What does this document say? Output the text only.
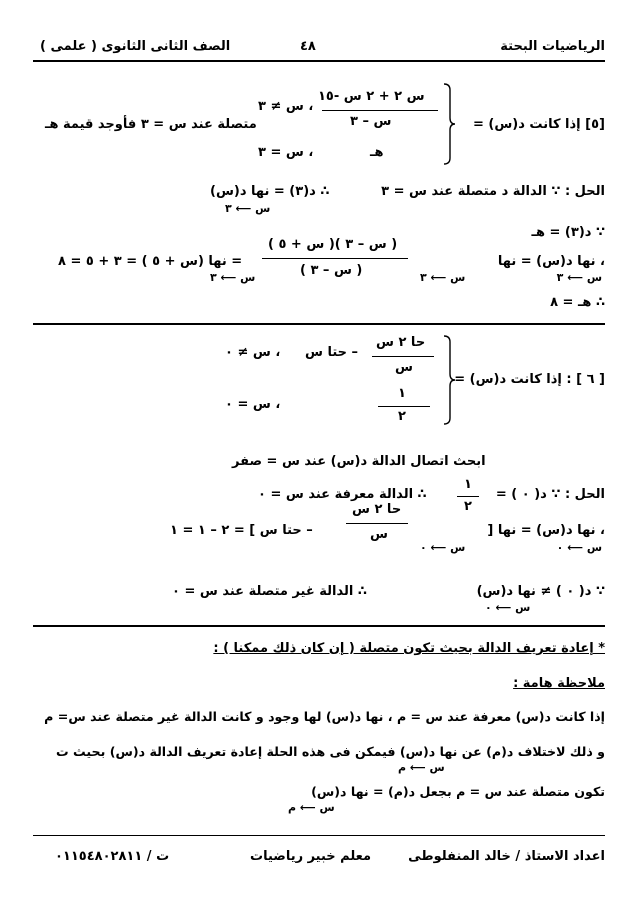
الرياضيات البحتة
٤٨
الصف الثانى الثانوى ( علمى )
[٥] إذا كانت د(س) =
س ٢ + ٢ س -١٥
س – ٣
، س ≠ ٣
هـ
، س = ٣
متصلة عند س = ٣ فأوجد قيمة هـ
الحل : ∵ الدالة د متصلة عند س = ٣
∴ د(٣) = نها د(س)
س ⟵ ٣
∵ د(٣) = هـ
، نها د(س) = نها
( س – ٣ )( س + ٥ )
( س – ٣ )
= نها (س + ٥ ) = ٣ + ٥ = ٨
س ⟵ ٣
س ⟵ ٣
س ⟵ ٣
∴ هـ = ٨
[ ٦ ] : إذا كانت د(س) =
حا ٢ س
س
– حتا س
، س ≠ ٠
١
٢
، س = ٠
ابحث اتصال الدالة د(س) عند س = صفر
الحل : ∵ د( ٠ ) =
١
٢
∴ الدالة معرفة عند س = ٠
، نها د(س) = نها [
حا ٢ س
س
– حتا س ] = ٢ – ١ = ١
س ⟵ ٠
س ⟵ ٠
∵ د( ٠ ) ≠ نها د(س)
∴ الدالة غير متصلة عند س = ٠
س ⟵ ٠
* إعادة تعريف الدالة بحيث تكون متصلة ( إن كان ذلك ممكنا ) :
ملاحظة هامة :
إذا كانت د(س) معرفة عند س = م ، نها د(س) لها وجود و كانت الدالة غير متصلة عند س= م
و ذلك لاختلاف د(م) عن نها د(س) فيمكن فى هذه الحلة إعادة تعريف الدالة د(س) بحيث ت
س ⟵ م
تكون متصلة عند س = م بجعل د(م) = نها د(س)
س ⟵ م
اعداد الاستاذ / خالد المنفلوطى
معلم خبير رياضيات
ت / ٠١١٥٤٨٠٢٨١١
